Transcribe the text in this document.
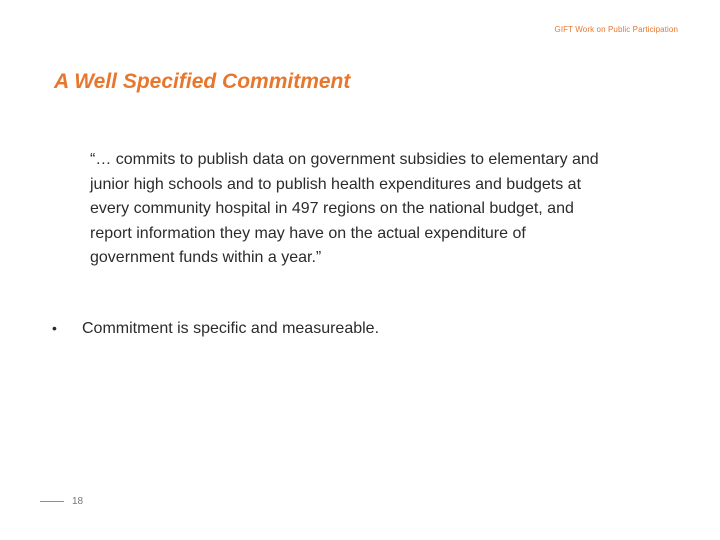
GIFT Work on Public Participation
A Well Specified Commitment

“… commits to publish data on government subsidies to elementary and junior high schools and to publish health expenditures and budgets at every community hospital in 497 regions on the national budget, and report information they may have on the actual expenditure of government funds within a year.”

•	Commitment is specific and measureable.
18
